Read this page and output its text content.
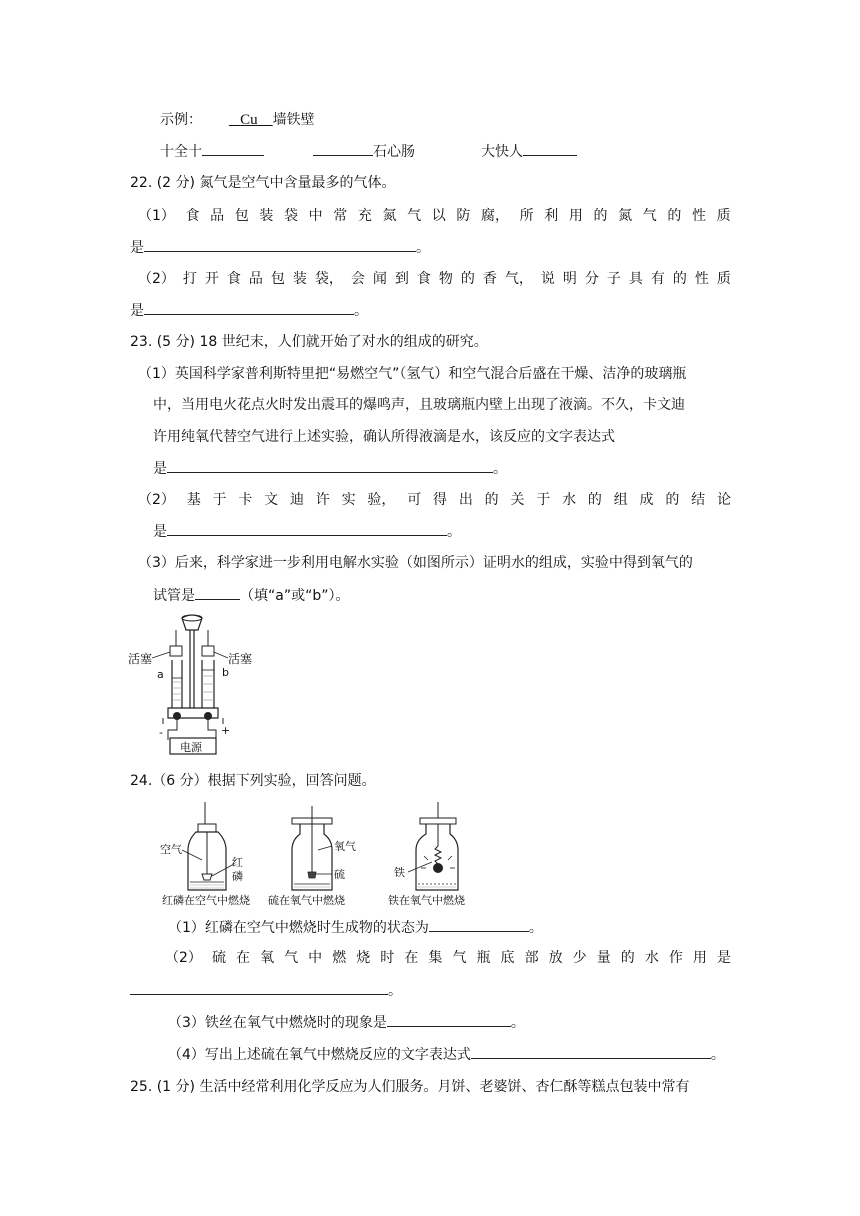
示例：	Cu 墙铁壁
十全十	石心肠	大快人
22. (2 分) 氮气是空气中含量最多的气体。
（1） 食 品 包 装 袋 中 常 充 氮 气 以 防 腐， 所 利 用 的 氮 气 的 性 质
是	。
（2） 打 开 食 品 包 装 袋， 会 闻 到 食 物 的 香 气， 说 明 分 子 具 有 的 性 质
是	。
23. (5 分) 18 世纪末，人们就开始了对水的组成的研究。
（1）英国科学家普利斯特里把“易燃空气”（氢气）和空气混合后盛在干燥、洁净的玻璃瓶
中，当用电火花点火时发出震耳的爆鸣声，且玻璃瓶内壁上出现了液滴。不久，卡文迪
许用纯氧代替空气进行上述实验，确认所得液滴是水，该反应的文字表达式
是	。
（2） 基 于 卡 文 迪 许 实 验， 可 得 出 的 关 于 水 的 组 成 的 结 论
是	。
（3）后来，科学家进一步利用电解水实验（如图所示）证明水的组成，实验中得到氧气的
试管是	（填“a”或“b”）。
活塞	活塞
a	b
-	+
电源
24.（6 分）根据下列实验，回答问题。
空气
红
磷
红磷在空气中燃烧
氧气
硫
硫在氧气中燃烧
铁
铁在氧气中燃烧
（1）红磷在空气中燃烧时生成物的状态为	。
（2） 硫 在 氧 气 中 燃 烧 时 在 集 气 瓶 底 部 放 少 量 的 水 作 用 是
。
（3）铁丝在氧气中燃烧时的现象是	。
（4）写出上述硫在氧气中燃烧反应的文字表达式	。
25. (1 分) 生活中经常利用化学反应为人们服务。月饼、老婆饼、杏仁酥等糕点包装中常有
